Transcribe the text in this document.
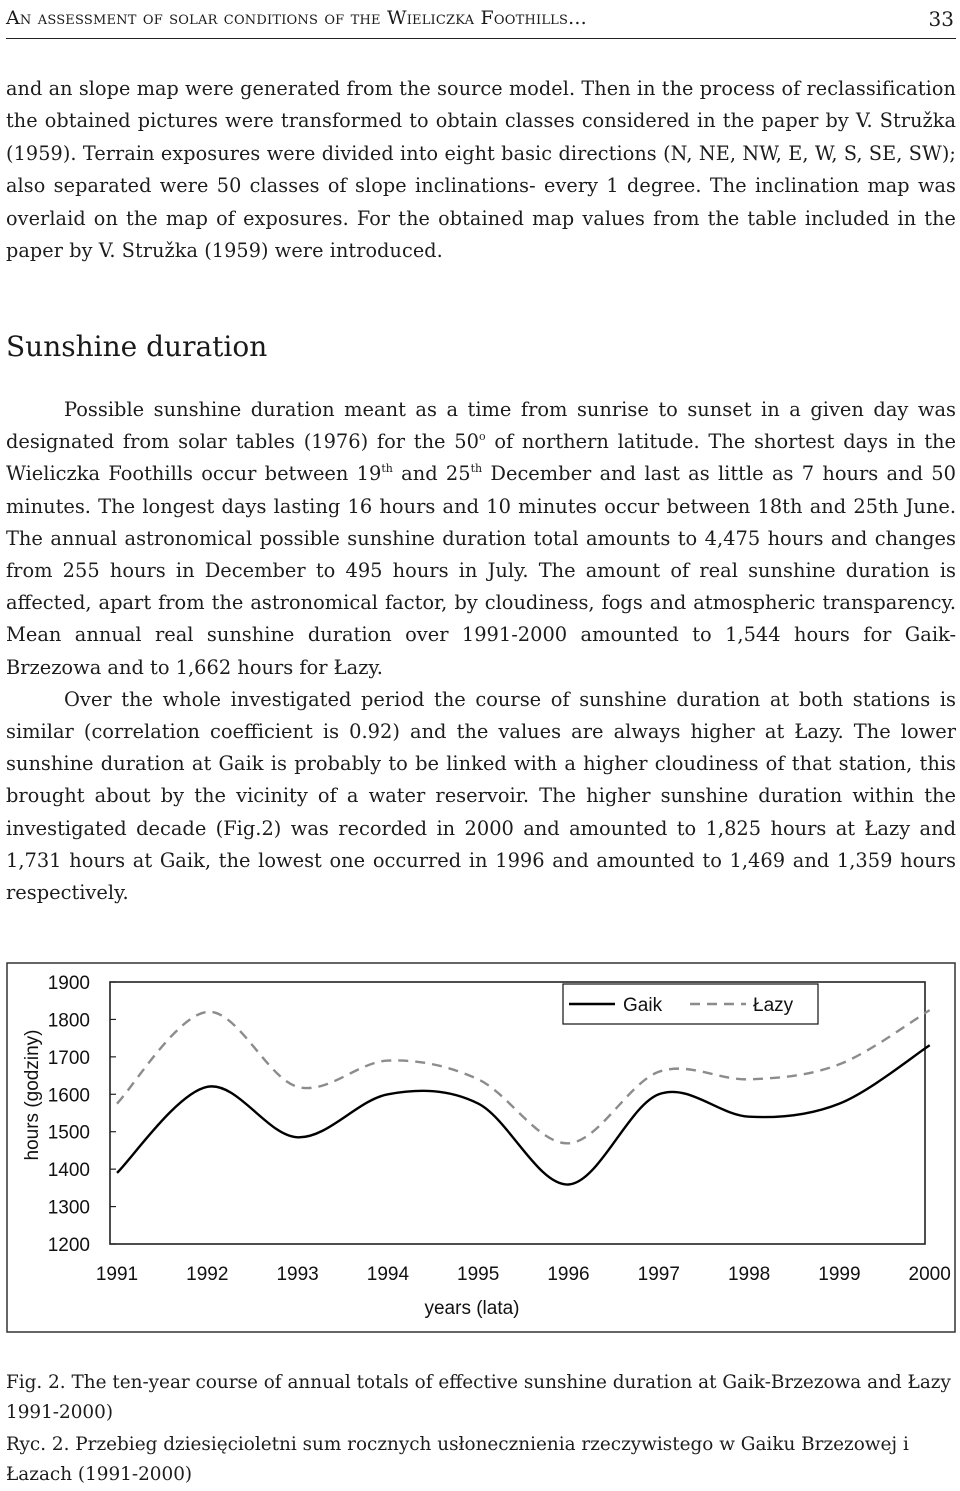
An assessment of solar conditions of the Wieliczka Foothills...	33
and an slope map were generated from the source model. Then in the process of reclassification the obtained pictures were transformed to obtain classes considered in the paper by V. Stružka (1959). Terrain exposures were divided into eight basic directions (N, NE, NW, E, W, S, SE, SW); also separated were 50 classes of slope inclinations- every 1 degree. The inclination map was overlaid on the map of exposures. For the obtained map values from the table included in the paper by V. Stružka (1959) were introduced.
Sunshine duration

Possible sunshine duration meant as a time from sunrise to sunset in a given day was designated from solar tables (1976) for the 50$^o$ of northern latitude. The shortest days in the Wieliczka Foothills occur between 19th and 25th December and last as little as 7 hours and 50 minutes. The longest days lasting 16 hours and 10 minutes occur between 18th and 25th June. The annual astronomical possible sunshine duration total amounts to 4,475 hours and changes from 255 hours in December to 495 hours in July. The amount of real sunshine duration is affected, apart from the astronomical factor, by cloudiness, fogs and atmospheric transparency. Mean annual real sunshine duration over 1991-2000 amounted to 1,544 hours for Gaik-Brzezowa and to 1,662 hours for Łazy.

Over the whole investigated period the course of sunshine duration at both stations is similar (correlation coefficient is 0.92) and the values are always higher at Łazy. The lower sunshine duration at Gaik is probably to be linked with a higher cloudiness of that station, this brought about by the vicinity of a water reservoir. The higher sunshine duration within the investigated decade (Fig.2) was recorded in 2000 and amounted to 1,825 hours at Łazy and 1,731 hours at Gaik, the lowest one occurred in 1996 and amounted to 1,469 and 1,359 hours respectively.

1200
1300
1400
1500
1600
1700
1800
1900
1991	1992	1993	1994	1995	1996	1997	1998	1999	2000
Gaik	Łazy
years (lata)
hours (godziny)
Fig. 2. The ten-year course of annual totals of effective sunshine duration at Gaik-Brzezowa and Łazy 1991-2000)
Ryc. 2. Przebieg dziesięcioletni sum rocznych usłonecznienia rzeczywistego w Gaiku Brzezowej i Łazach (1991-2000)
